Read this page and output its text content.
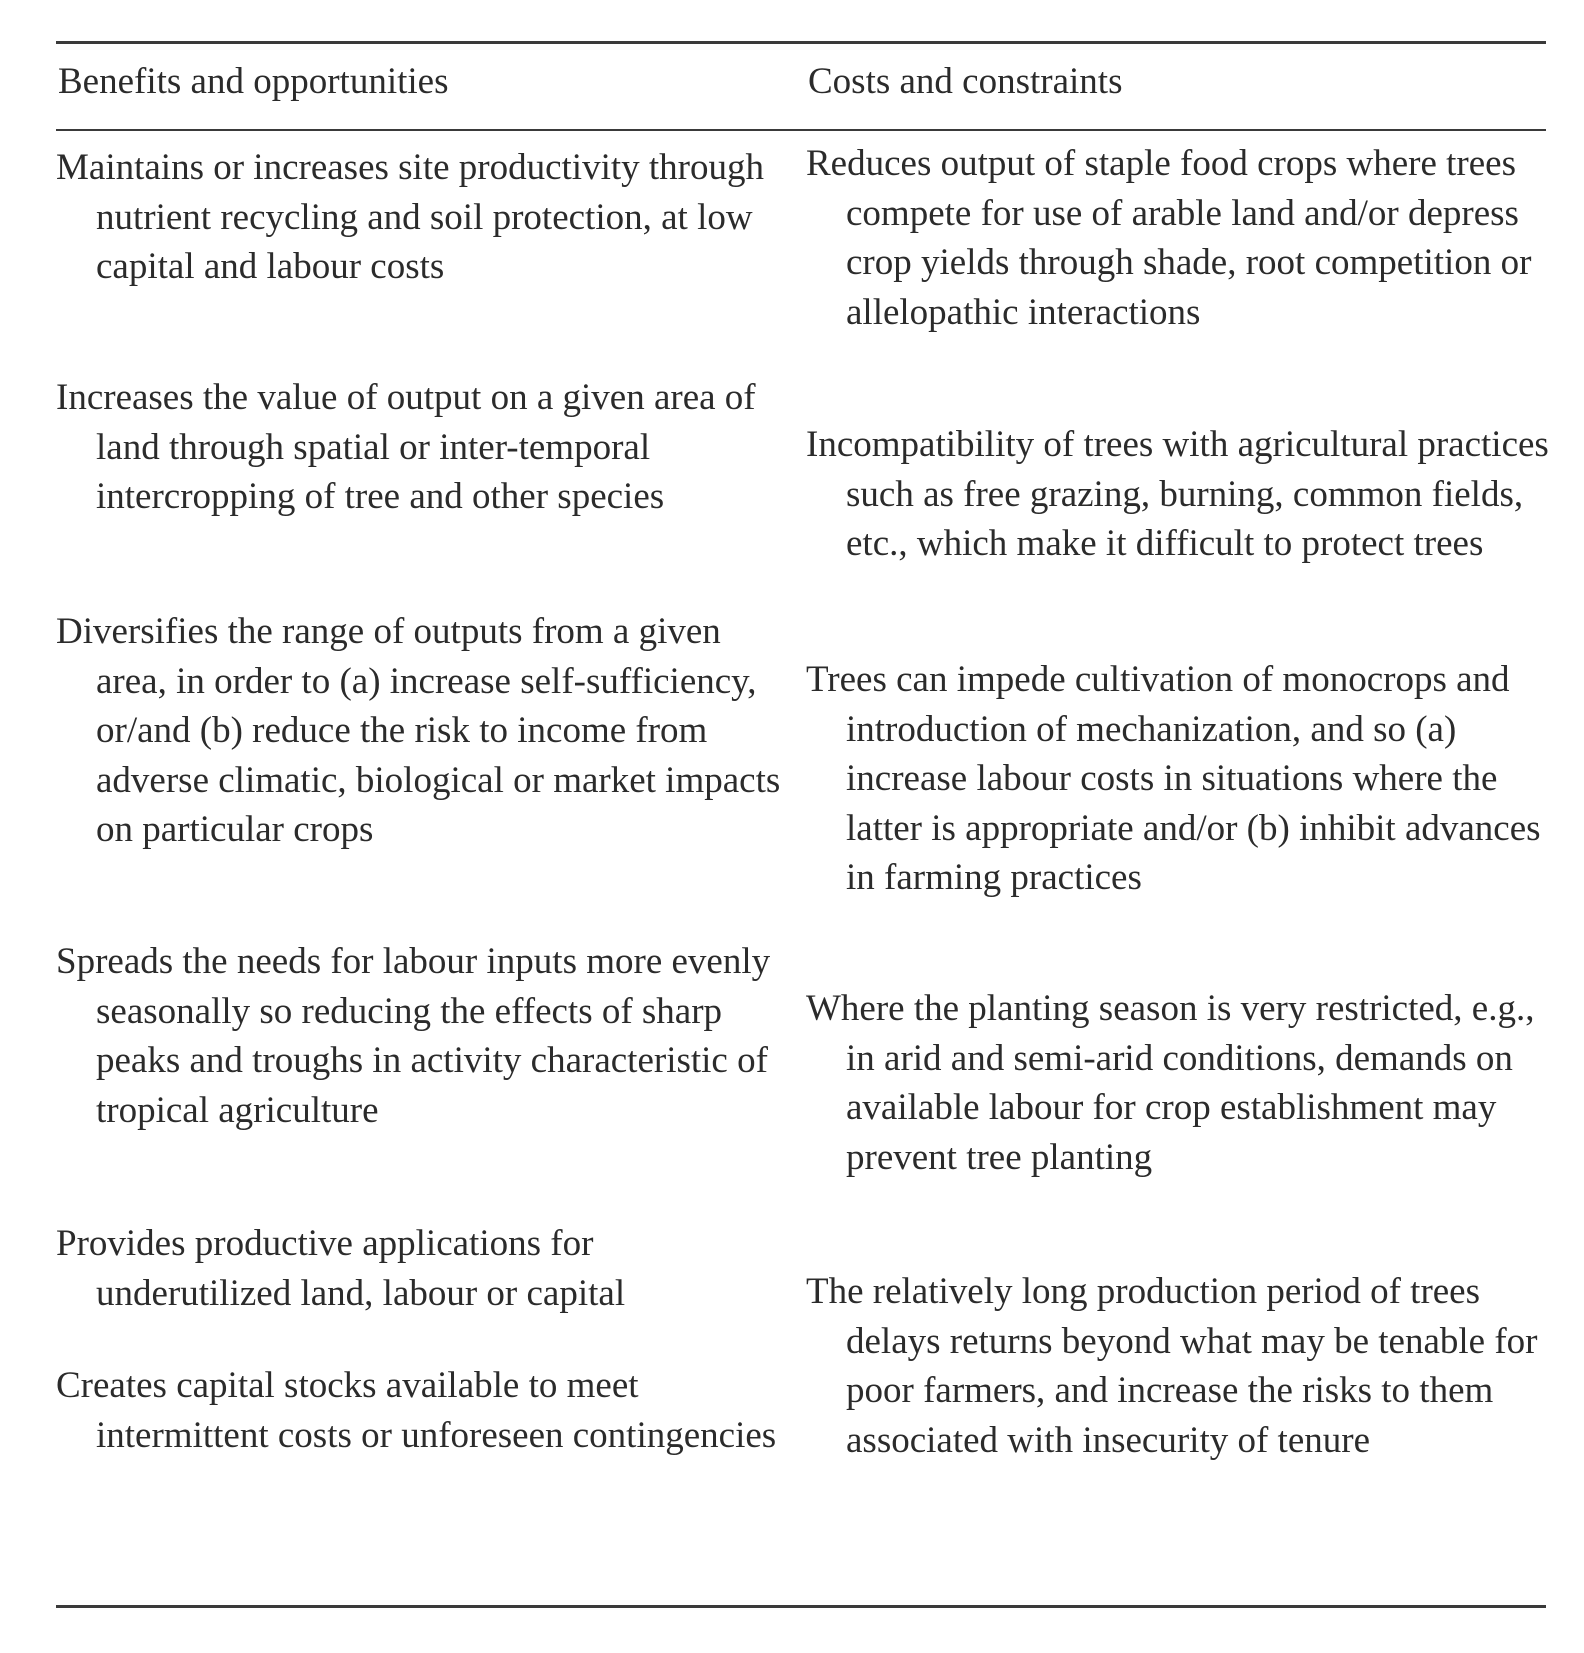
Benefits and opportunities	Costs and constraints

Maintains or increases site productivity through nutrient recycling and soil protection, at low capital and labour costs

Increases the value of output on a given area of land through spatial or inter-temporal intercropping of tree and other species

Diversifies the range of outputs from a given area, in order to (a) increase self-sufficiency, or/and (b) reduce the risk to income from adverse climatic, biological or market impacts on particular crops

Spreads the needs for labour inputs more evenly seasonally so reducing the effects of sharp peaks and troughs in activity characteristic of tropical agriculture

Provides productive applications for underutilized land, labour or capital

Creates capital stocks available to meet intermittent costs or unforeseen contingencies

Reduces output of staple food crops where trees compete for use of arable land and/or depress crop yields through shade, root competition or allelopathic interactions

Incompatibility of trees with agricultural practices such as free grazing, burning, common fields, etc., which make it difficult to protect trees

Trees can impede cultivation of monocrops and introduction of mechanization, and so (a) increase labour costs in situations where the latter is appropriate and/or (b) inhibit advances in farming practices

Where the planting season is very restricted, e.g., in arid and semi-arid conditions, demands on available labour for crop establishment may prevent tree planting

The relatively long production period of trees delays returns beyond what may be tenable for poor farmers, and increase the risks to them associated with insecurity of tenure
